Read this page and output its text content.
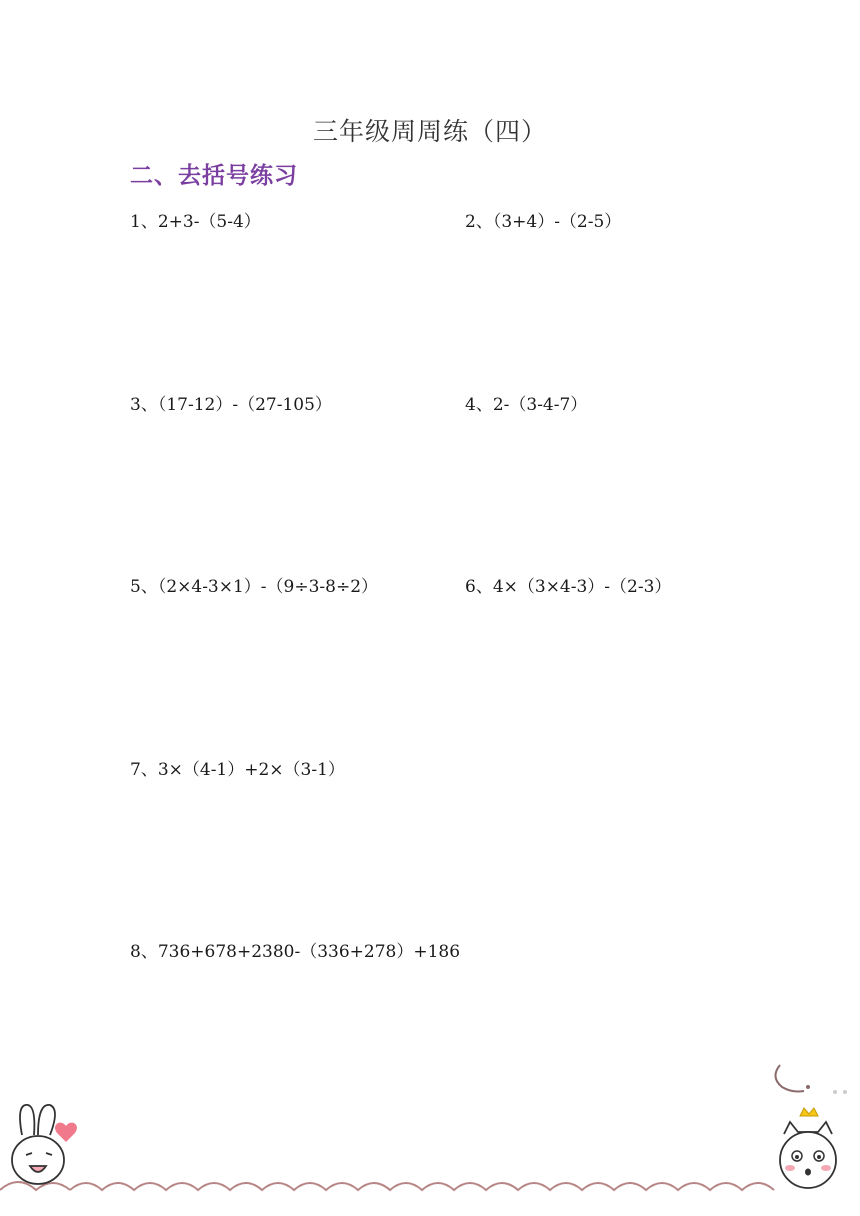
三年级周周练（四）
二、去括号练习
1、2+3-（5-4）	2、（3+4）-（2-5）
3、（17-12）-（27-105）	4、2-（3-4-7）
5、（2×4-3×1）-（9÷3-8÷2）	6、4×（3×4-3）-（2-3）
7、3×（4-1）+2×（3-1）
8、736+678+2380-（336+278）+186
